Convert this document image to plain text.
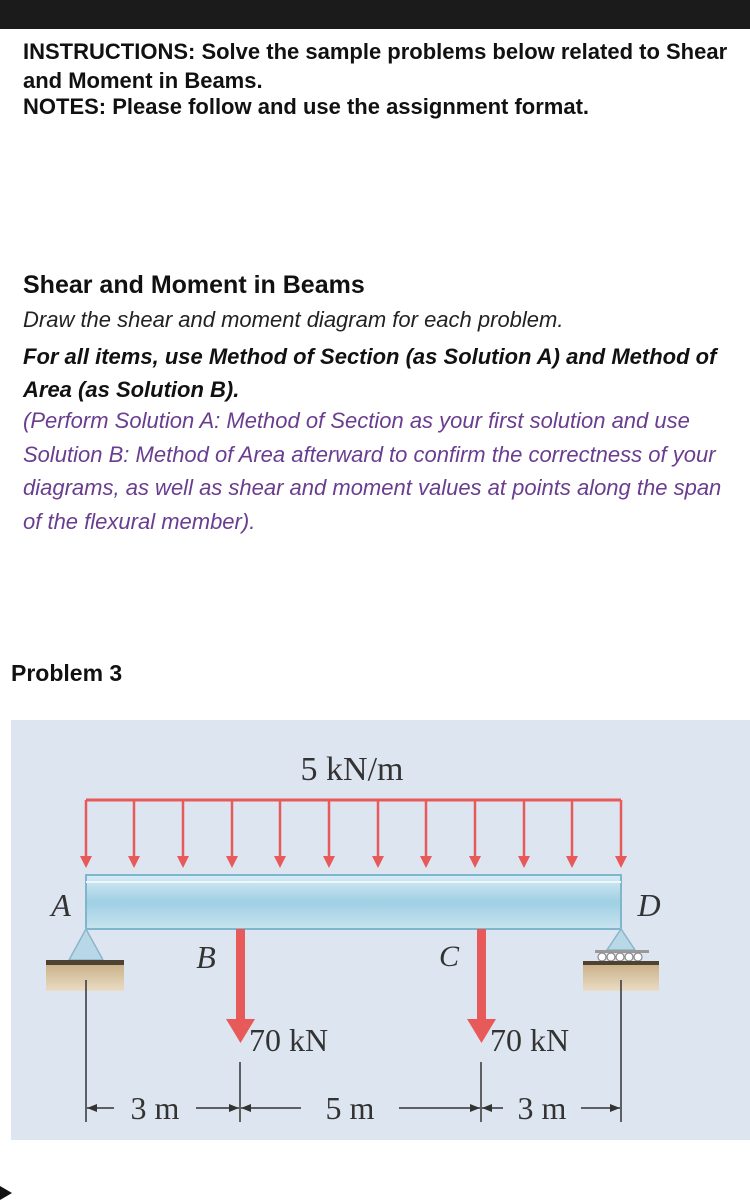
INSTRUCTIONS: Solve the sample problems below related to Shear and Moment in Beams.

NOTES: Please follow and use the assignment format.

Shear and Moment in Beams

Draw the shear and moment diagram for each problem.

For all items, use Method of Section (as Solution A) and Method of Area (as Solution B).

(Perform Solution A: Method of Section as your first solution and use Solution B: Method of Area afterward to confirm the correctness of your diagrams, as well as shear and moment values at points along the span of the flexural member).

Problem 3

5 kN/m
A	D
B
70 kN
C
70 kN
3 m	5 m	3 m
